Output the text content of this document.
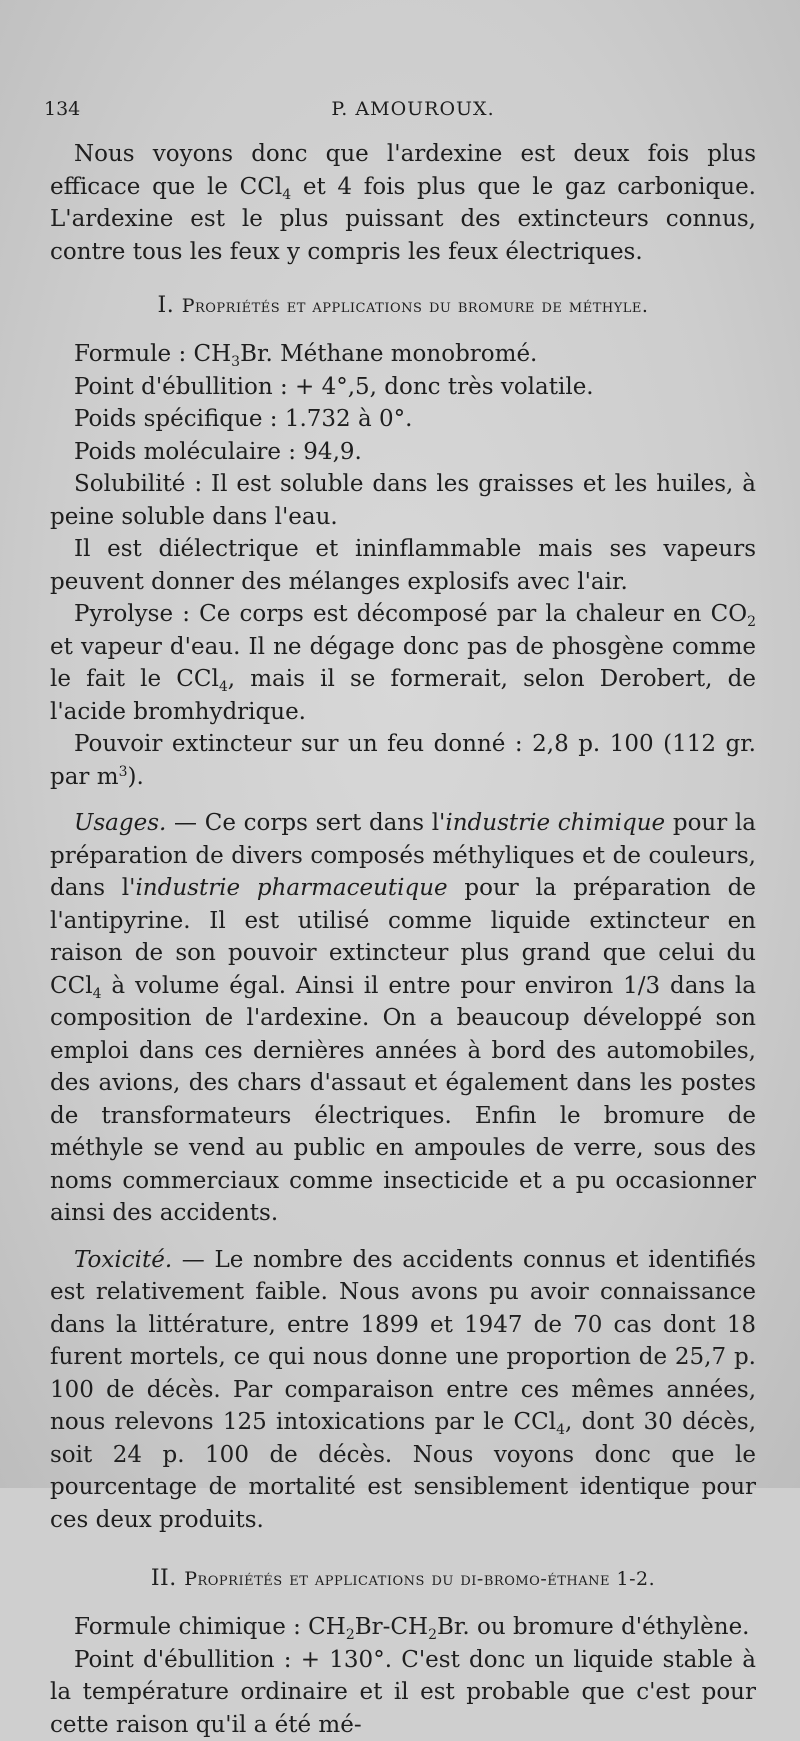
134	P. AMOUROUX.

Nous voyons donc que l'ardexine est deux fois plus efficace que le CCl$_4$ et 4 fois plus que le gaz carbonique. L'ardexine est le plus puissant des extincteurs connus, contre tous les feux y compris les feux électriques.

I. Propriétés et applications du bromure de méthyle.

Formule : $CH_3Br$. Méthane monobromé.

Point d'ébullition : + 4°,5, donc très volatile.

Poids spécifique : 1.732 à 0°.

Poids moléculaire : 94,9.

Solubilité : Il est soluble dans les graisses et les huiles, à peine soluble dans l'eau.

Il est diélectrique et ininflammable mais ses vapeurs peuvent donner des mélanges explosifs avec l'air.

Pyrolyse : Ce corps est décomposé par la chaleur en $CO_2$ et vapeur d'eau. Il ne dégage donc pas de phosgène comme le fait le CCl$_4$, mais il se formerait, selon Derobert, de l'acide bromhydrique.

Pouvoir extincteur sur un feu donné : 2,8 p. 100 (112 gr. par $m^3$).

Usages. — Ce corps sert dans l'industrie chimique pour la préparation de divers composés méthyliques et de couleurs, dans l'industrie pharmaceutique pour la préparation de l'antipyrine. Il est utilisé comme liquide extincteur en raison de son pouvoir extincteur plus grand que celui du CCl$_4$ à volume égal. Ainsi il entre pour environ 1/3 dans la composition de l'ardexine. On a beaucoup développé son emploi dans ces dernières années à bord des automobiles, des avions, des chars d'assaut et également dans les postes de transformateurs électriques. Enfin le bromure de méthyle se vend au public en ampoules de verre, sous des noms commerciaux comme insecticide et a pu occasionner ainsi des accidents.

Toxicité. — Le nombre des accidents connus et identifiés est relativement faible. Nous avons pu avoir connaissance dans la littérature, entre 1899 et 1947 de 70 cas dont 18 furent mortels, ce qui nous donne une proportion de 25,7 p. 100 de décès. Par comparaison entre ces mêmes années, nous relevons 125 intoxications par le CCl$_4$, dont 30 décès, soit 24 p. 100 de décès. Nous voyons donc que le pourcentage de mortalité est sensiblement identique pour ces deux produits.

II. Propriétés et applications du di-bromo-éthane 1-2.

Formule chimique : $CH_2Br-CH_2Br$. ou bromure d'éthylène.

Point d'ébullition : + 130°. C'est donc un liquide stable à la température ordinaire et il est probable que c'est pour cette raison qu'il a été mé-
